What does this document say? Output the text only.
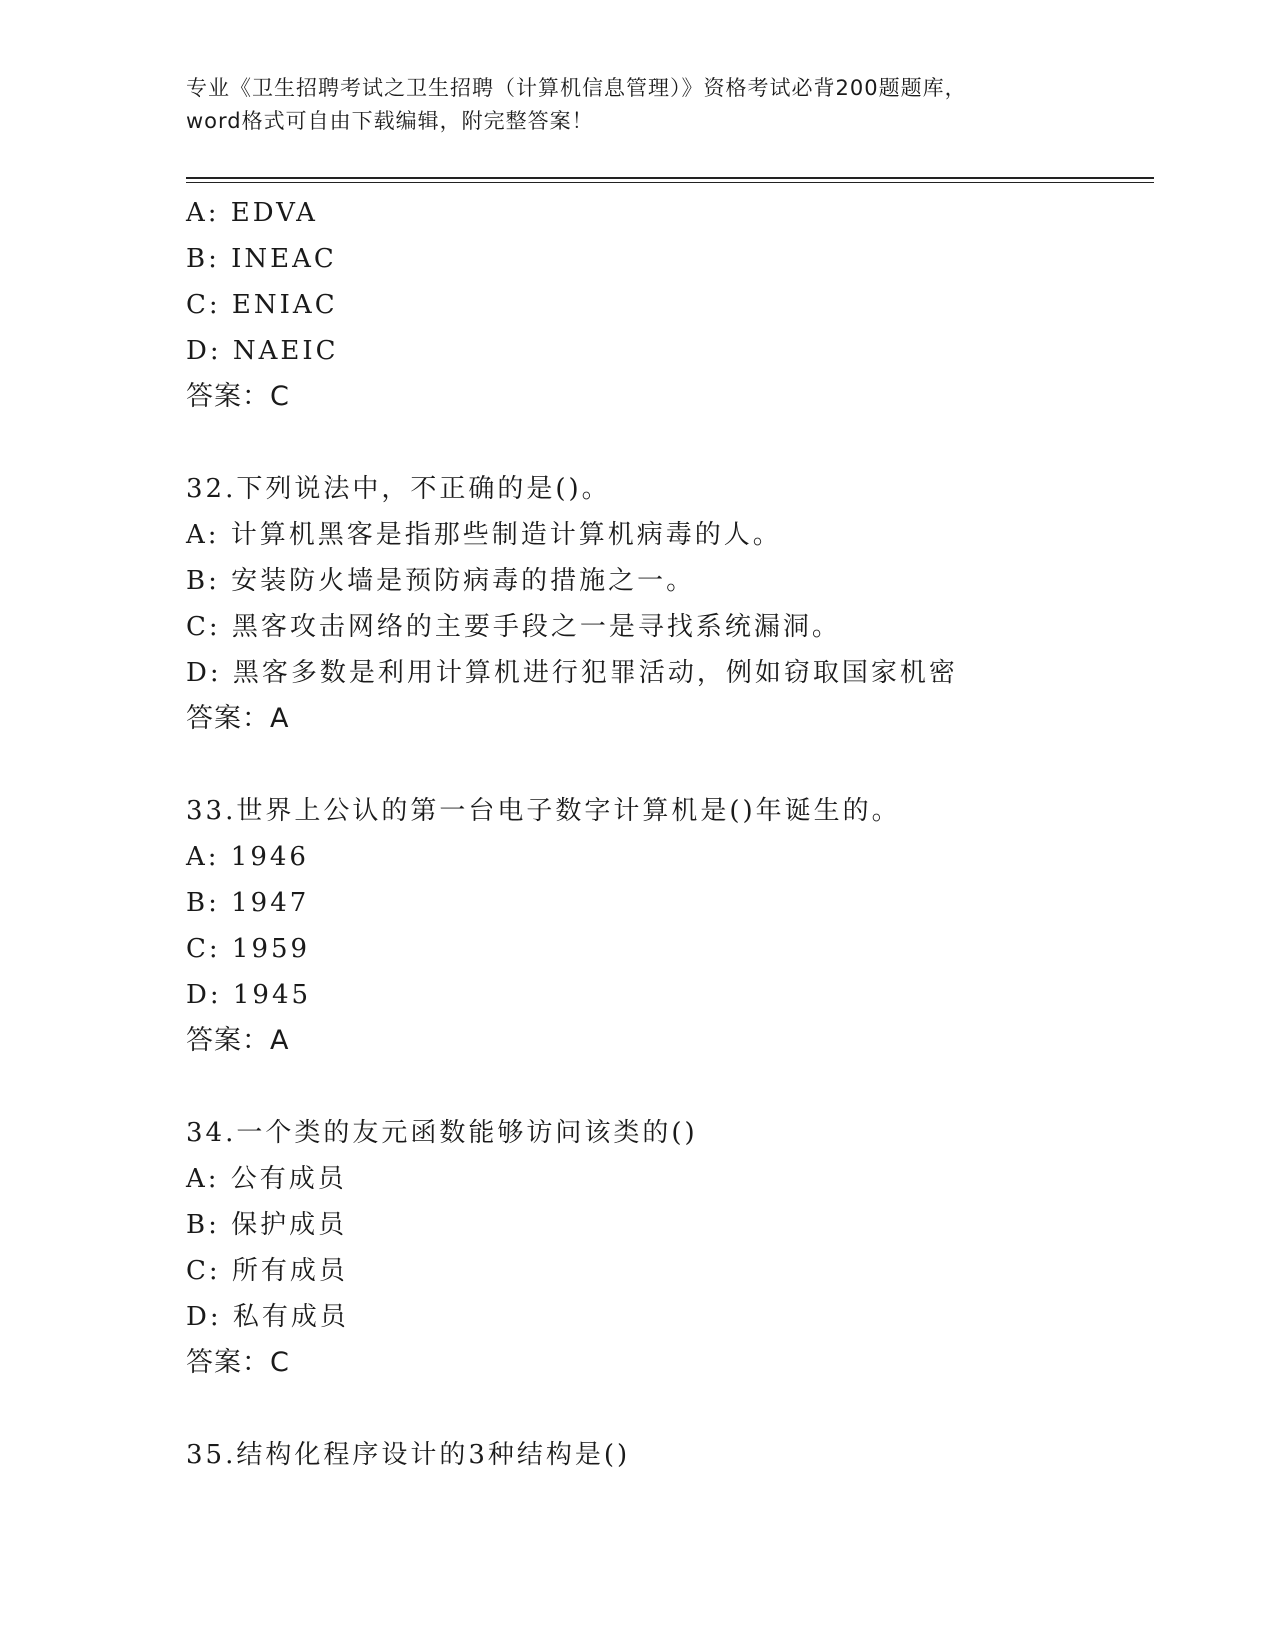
专业《卫生招聘考试之卫生招聘（计算机信息管理）》资格考试必背200题题库，
word格式可自由下载编辑，附完整答案！
A: EDVA
B: INEAC
C: ENIAC
D: NAEIC
答案：C
32.下列说法中，不正确的是()。
A: 计算机黑客是指那些制造计算机病毒的人。
B: 安装防火墙是预防病毒的措施之一。
C: 黑客攻击网络的主要手段之一是寻找系统漏洞。
D: 黑客多数是利用计算机进行犯罪活动，例如窃取国家机密
答案：A
33.世界上公认的第一台电子数字计算机是()年诞生的。
A: 1946
B: 1947
C: 1959
D: 1945
答案：A
34.一个类的友元函数能够访问该类的()
A: 公有成员
B: 保护成员
C: 所有成员
D: 私有成员
答案：C
35.结构化程序设计的3种结构是()
